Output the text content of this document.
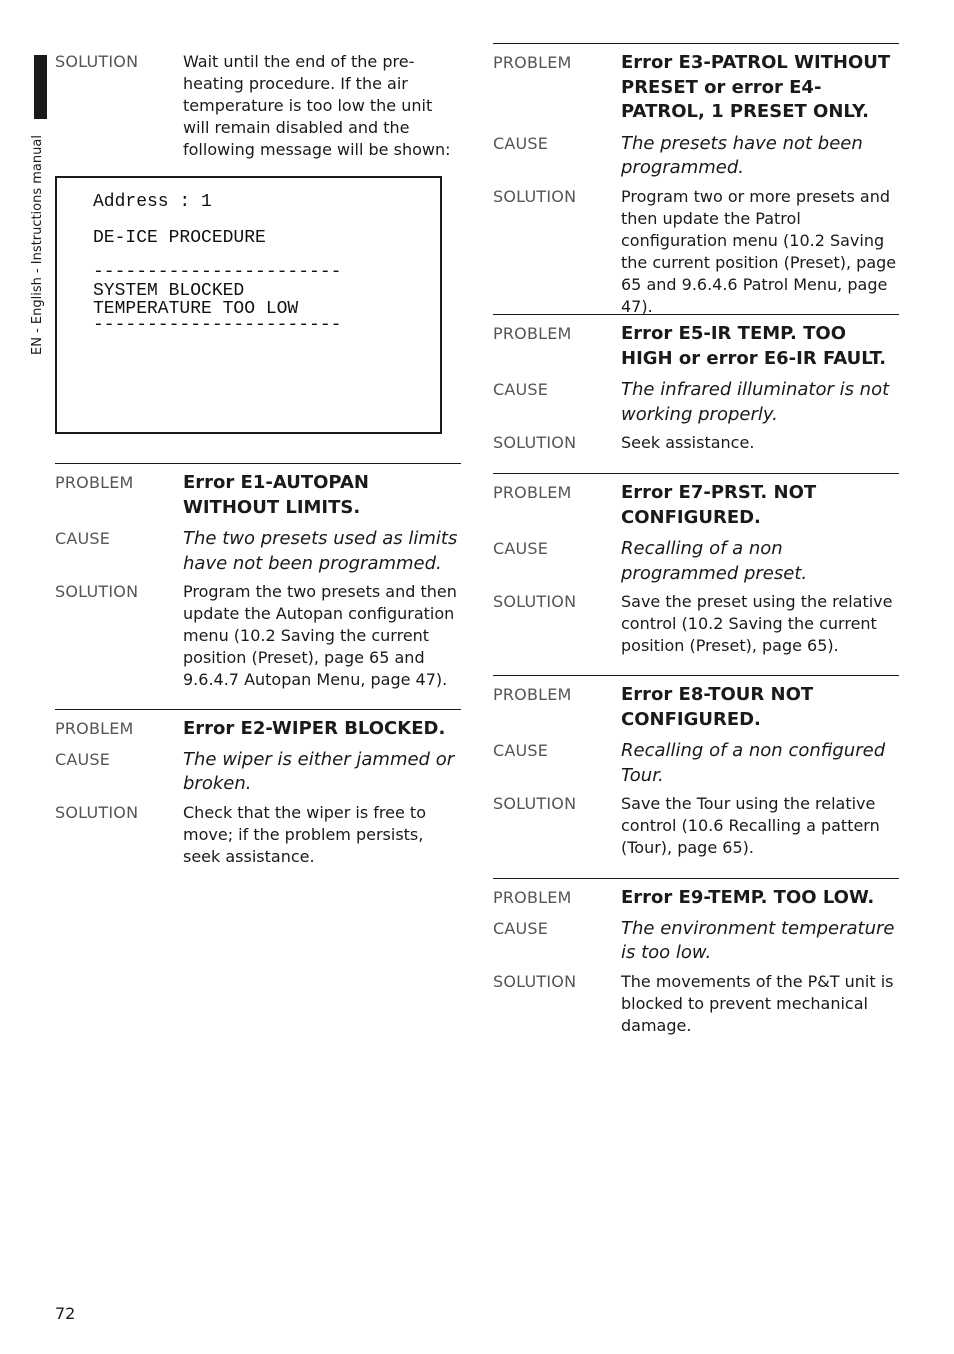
EN - English - Instructions manual
SOLUTION	Wait until the end of the pre-heating procedure. If the air temperature is too low the unit will remain disabled and the following message will be shown:
Address : 1
DE-ICE PROCEDURE
-----------------------
SYSTEM BLOCKED
TEMPERATURE TOO LOW
-----------------------
PROBLEM	Error E1-AUTOPAN WITHOUT LIMITS.
CAUSE	The two presets used as limits have not been programmed.
SOLUTION	Program the two presets and then update the Autopan configuration menu (10.2 Saving the current position (Preset), page 65 and 9.6.4.7 Autopan Menu, page 47).
PROBLEM	Error E2-WIPER BLOCKED.
CAUSE	The wiper is either jammed or broken.
SOLUTION	Check that the wiper is free to move; if the problem persists, seek assistance.
PROBLEM	Error E3-PATROL WITHOUT PRESET or error E4-PATROL, 1 PRESET ONLY.
CAUSE	The presets have not been programmed.
SOLUTION	Program two or more presets and then update the Patrol configuration menu (10.2 Saving the current position (Preset), page 65 and 9.6.4.6 Patrol Menu, page 47).
PROBLEM	Error E5-IR TEMP. TOO HIGH or error E6-IR FAULT.
CAUSE	The infrared illuminator is not working properly.
SOLUTION	Seek assistance.
PROBLEM	Error E7-PRST. NOT CONFIGURED.
CAUSE	Recalling of a non programmed preset.
SOLUTION	Save the preset using the relative control (10.2 Saving the current position (Preset), page 65).
PROBLEM	Error E8-TOUR NOT CONFIGURED.
CAUSE	Recalling of a non configured Tour.
SOLUTION	Save the Tour using the relative control (10.6 Recalling a pattern (Tour), page 65).
PROBLEM	Error E9-TEMP. TOO LOW.
CAUSE	The environment temperature is too low.
SOLUTION	The movements of the P&T unit is blocked to prevent mechanical damage.
72
